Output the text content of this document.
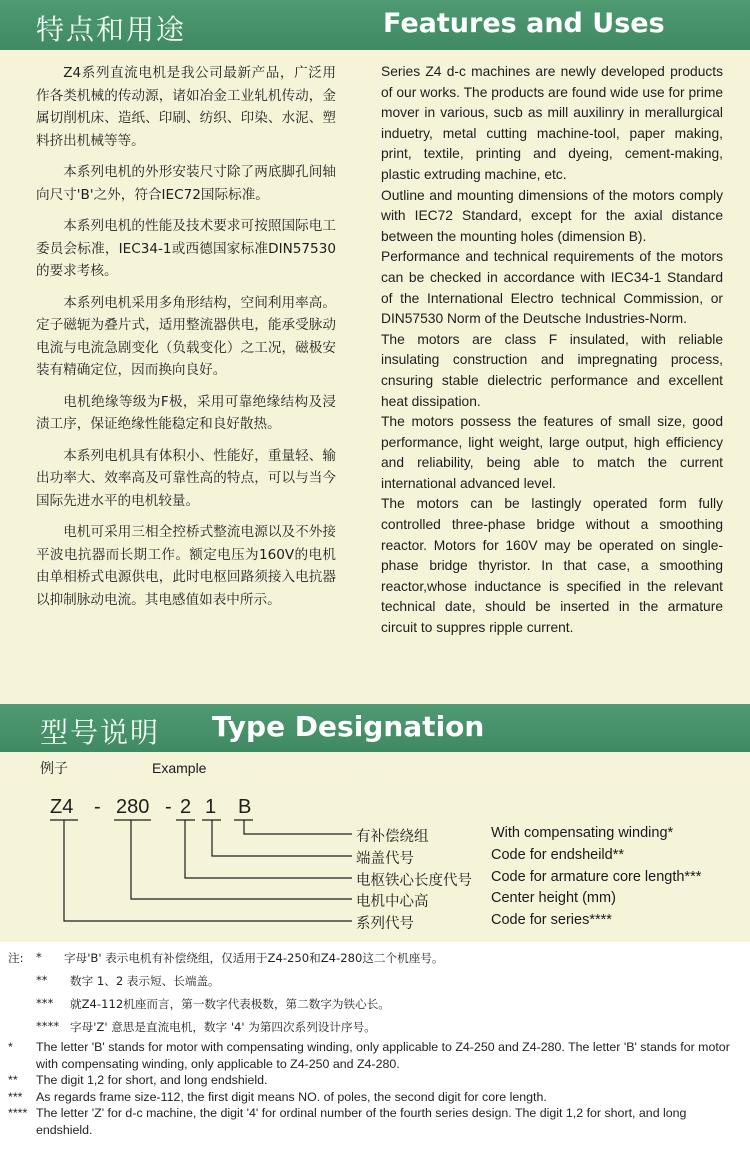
特点和用途	Features and Uses

Z4系列直流电机是我公司最新产品，广泛用作各类机械的传动源，诸如冶金工业轧机传动，金属切削机床、造纸、印刷、纺织、印染、水泥、塑料挤出机械等等。

本系列电机的外形安装尺寸除了两底脚孔间轴向尺寸'B'之外，符合IEC72国际标准。

本系列电机的性能及技术要求可按照国际电工委员会标准，IEC34-1或西德国家标准DIN57530的要求考核。

本系列电机采用多角形结构，空间利用率高。定子磁轭为叠片式，适用整流器供电，能承受脉动电流与电流急剧变化（负载变化）之工况，磁极安装有精确定位，因而换向良好。

电机绝缘等级为F极，采用可靠绝缘结构及浸渍工序，保证绝缘性能稳定和良好散热。

本系列电机具有体积小、性能好，重量轻、输出功率大、效率高及可靠性高的特点，可以与当今国际先进水平的电机较量。

电机可采用三相全控桥式整流电源以及不外接平波电抗器而长期工作。额定电压为160V的电机由单相桥式电源供电，此时电枢回路须接入电抗器以抑制脉动电流。其电感值如表中所示。

Series Z4 d-c machines are newly developed products of our works. The products are found wide use for prime mover in various, sucb as mill auxilinry in merallurgical induetry, metal cutting machine-tool, paper making, print, textile, printing and dyeing, cement-making, plastic extruding machine, etc.

Outline and mounting dimensions of the motors comply with IEC72 Standard, except for the axial distance between the mounting holes (dimension B).

Performance and technical requirements of the motors can be checked in accordance with IEC34-1 Standard of the International Electro technical Commission, or DIN57530 Norm of the Deutsche Industries-Norm.

The motors are class F insulated, with reliable insulating construction and impregnating process, cnsuring stable dielectric performance and excellent heat dissipation.

The motors possess the features of small size, good performance, light weight, large output, high efficiency and reliability, being able to match the current international advanced level.

The motors can be lastingly operated form fully controlled three-phase bridge without a smoothing reactor. Motors for 160V may be operated on single-phase bridge thyristor. In that case, a smoothing reactor,whose inductance is specified in the relevant technical date, should be inserted in the armature circuit to suppres ripple current.

型号说明 Type Designation
例子	Example
Z4 - 280 - 2 1 B
有补偿绕组	With compensating winding*
端盖代号	Code for endsheild**
电枢铁心长度代号 Code for armature core length***
电机中心高	Center height (mm)
系列代号	Code for series****
注: * 字母'B' 表示电机有补偿绕组，仅适用于Z4-250和Z4-280这二个机座号。
** 数字 1、2 表示短、长端盖。
*** 就Z4-112机座而言，第一数字代表极数，第二数字为铁心长。
**** 字母'Z' 意思是直流电机，数字 '4' 为第四次系列设计序号。
* The letter 'B' stands for motor with compensating winding, only applicable to Z4-250 and Z4-280. The letter 'B' stands for motor with compensating winding, only applicable to Z4-250 and Z4-280.
** The digit 1,2 for short, and long endshield.
*** As regards frame size-112, the first digit means NO. of poles, the second digit for core length.
**** The letter 'Z' for d-c machine, the digit '4' for ordinal number of the fourth series design. The digit 1,2 for short, and long endshield.
